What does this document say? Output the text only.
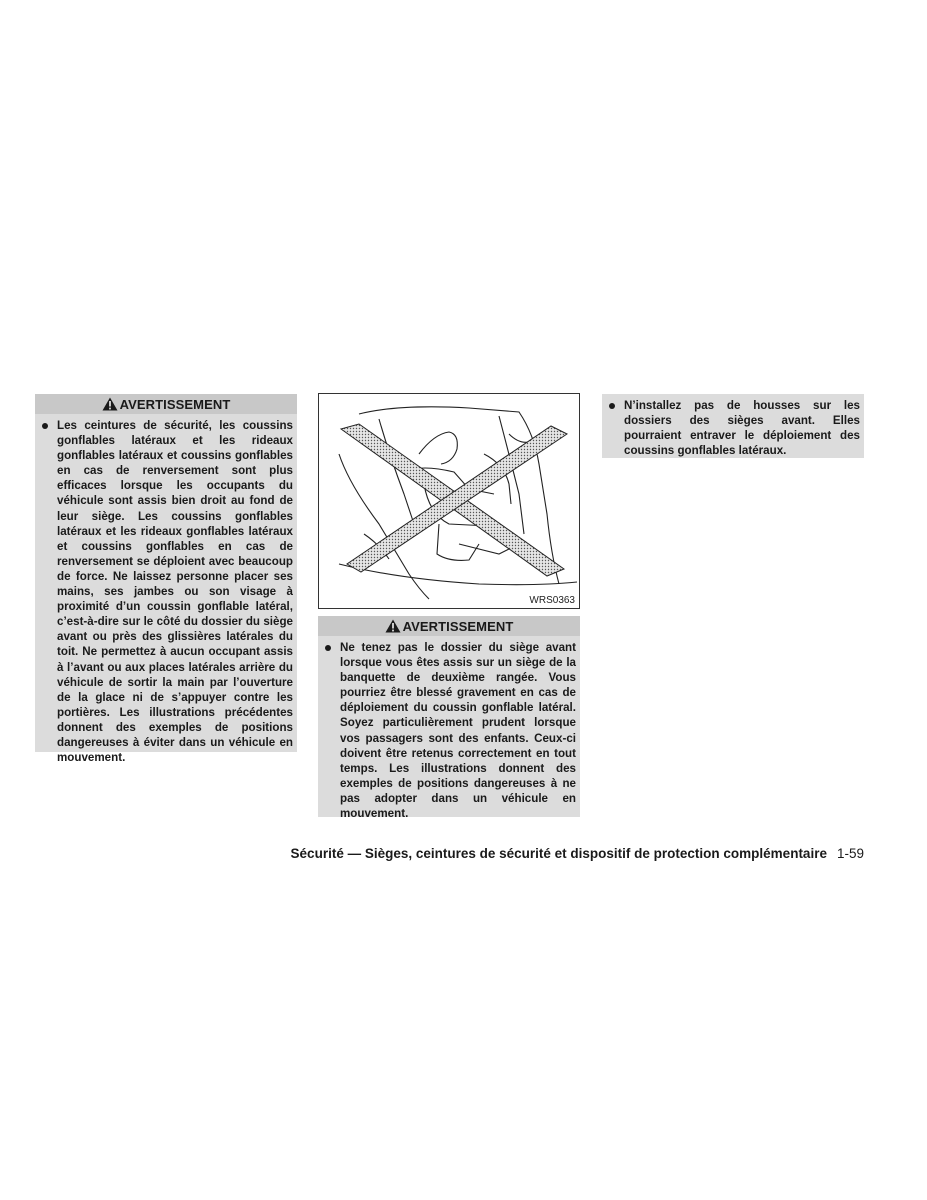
AVERTISSEMENT
Les ceintures de sécurité, les coussins gonflables latéraux et les rideaux gonflables latéraux et coussins gonflables en cas de renversement sont plus efficaces lorsque les occupants du véhicule sont assis bien droit au fond de leur siège. Les coussins gonflables latéraux et les rideaux gonflables latéraux et coussins gonflables en cas de renversement se déploient avec beaucoup de force. Ne laissez personne placer ses mains, ses jambes ou son visage à proximité d’un coussin gonflable latéral, c’est-à-dire sur le côté du dossier du siège avant ou près des glissières latérales du toit. Ne permettez à aucun occupant assis à l’avant ou aux places latérales arrière du véhicule de sortir la main par l’ouverture de la glace ni de s’appuyer contre les portières. Les illustrations précédentes donnent des exemples de positions dangereuses à éviter dans un véhicule en mouvement.
WRS0363
AVERTISSEMENT
Ne tenez pas le dossier du siège avant lorsque vous êtes assis sur un siège de la banquette de deuxième rangée. Vous pourriez être blessé gravement en cas de déploiement du coussin gonflable latéral. Soyez particulièrement prudent lorsque vos passagers sont des enfants. Ceux-ci doivent être retenus correctement en tout temps. Les illustrations donnent des exemples de positions dangereuses à ne pas adopter dans un véhicule en mouvement.
N’installez pas de housses sur les dossiers des sièges avant. Elles pourraient entraver le déploiement des coussins gonflables latéraux.
Sécurité — Sièges, ceintures de sécurité et dispositif de protection complémentaire 1-59
